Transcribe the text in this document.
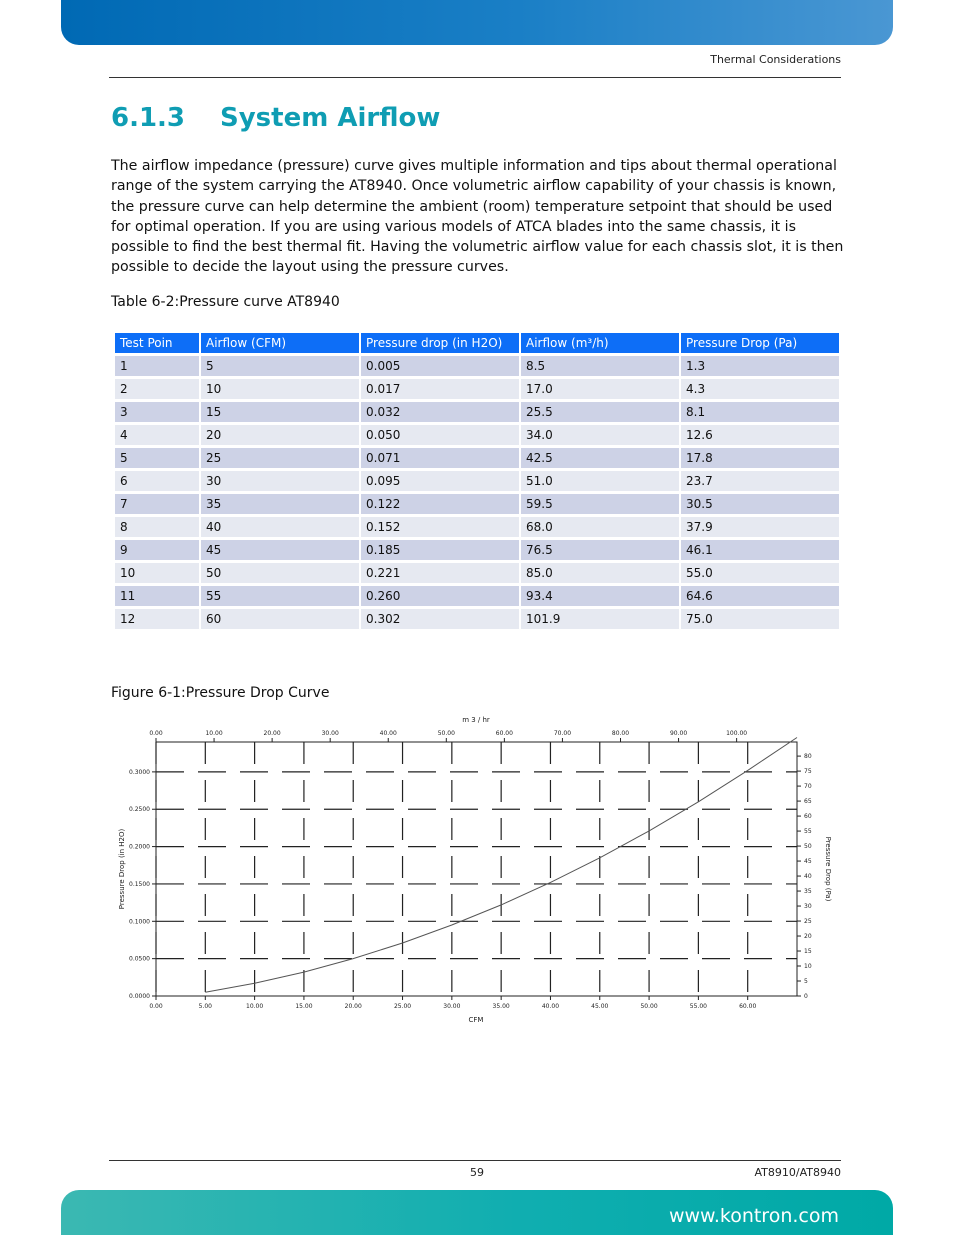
Thermal Considerations
6.1.3 System Airflow
The airflow impedance (pressure) curve gives multiple information and tips about thermal operational range of the system carrying the AT8940. Once volumetric airflow capability of your chassis is known, the pressure curve can help determine the ambient (room) temperature setpoint that should be used for optimal operation. If you are using various models of ATCA blades into the same chassis, it is possible to find the best thermal fit. Having the volumetric airflow value for each chassis slot, it is then possible to decide the layout using the pressure curves.
Table 6-2:Pressure curve AT8940
Test Poin	Airflow (CFM)	Pressure drop (in H2O)	Airflow (m³/h)	Pressure Drop (Pa)
1	5	0.005	8.5	1.3
2	10	0.017	17.0	4.3
3	15	0.032	25.5	8.1
4	20	0.050	34.0	12.6
5	25	0.071	42.5	17.8
6	30	0.095	51.0	23.7
7	35	0.122	59.5	30.5
8	40	0.152	68.0	37.9
9	45	0.185	76.5	46.1
10	50	0.221	85.0	55.0
11	55	0.260	93.4	64.6
12	60	0.302	101.9	75.0
Figure 6-1:Pressure Drop Curve
0.00	5.00	10.00	15.00	20.00	25.00	30.00	35.00	40.00	45.00	50.00	55.00	60.00
0.00	10.00	20.00	30.00	40.00	50.00	60.00	70.00	80.00	90.00	100.00
0.0000
0.0500
0.1000
0.1500
0.2000
0.2500
0.3000
0
5
10
15
20
25
30
35
40
45
50
55
60
65
70
75
80
CFM
m 3 / hr
Pressure Drop (in H2O)	Pressure Drop (Pa)
59	AT8910/AT8940
www.kontron.com
